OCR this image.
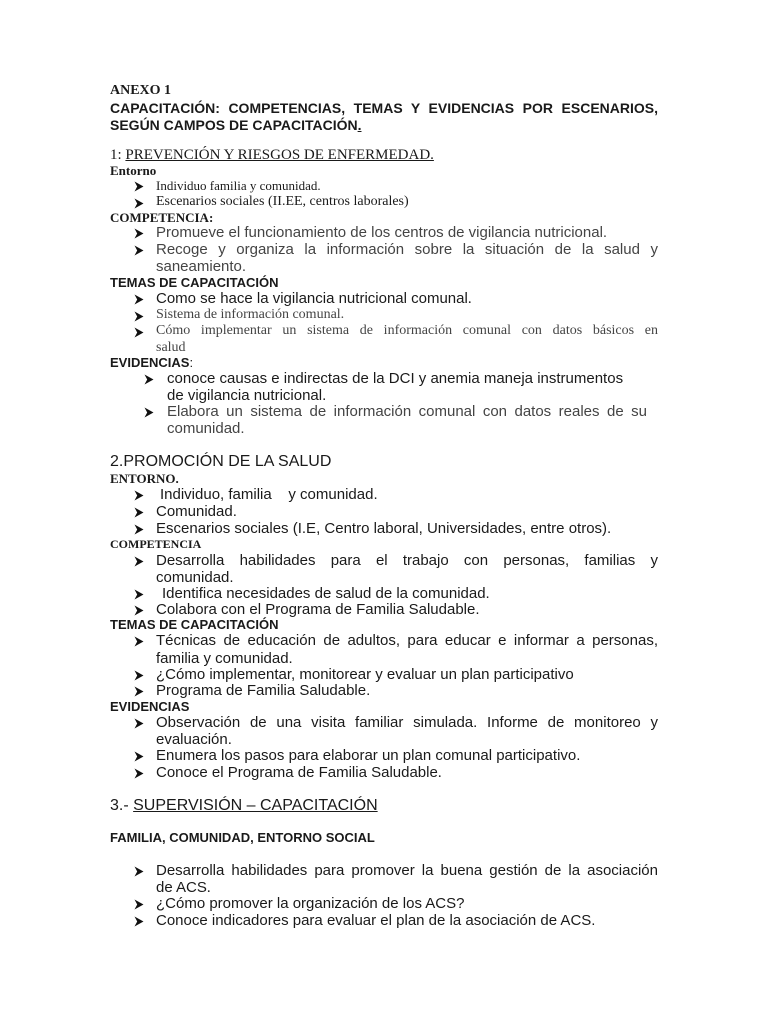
ANEXO 1
CAPACITACIÓN: COMPETENCIAS, TEMAS Y EVIDENCIAS POR ESCENARIOS,
SEGÚN CAMPOS DE CAPACITACIÓN.
1: PREVENCIÓN Y RIESGOS DE ENFERMEDAD.
Entorno
Individuo familia y comunidad.
Escenarios sociales (II.EE, centros laborales)
COMPETENCIA:
Promueve el funcionamiento de los centros de vigilancia nutricional.
Recoge y organiza la información sobre la situación de la salud y
saneamiento.
TEMAS DE CAPACITACIÓN
Como se hace la vigilancia nutricional comunal.
Sistema de información comunal.
Cómo implementar un sistema de información comunal con datos básicos en
salud
EVIDENCIAS:
conoce causas e indirectas de la DCI y anemia maneja instrumentos
de vigilancia nutricional.
Elabora un sistema de información comunal con datos reales de su
comunidad.
2.PROMOCIÓN DE LA SALUD
ENTORNO.
Individuo, familia    y comunidad.
Comunidad.
Escenarios sociales (I.E, Centro laboral, Universidades, entre otros).
COMPETENCIA
Desarrolla habilidades para el trabajo con personas, familias y
comunidad.
Identifica necesidades de salud de la comunidad.
Colabora con el Programa de Familia Saludable.
TEMAS DE CAPACITACIÓN
Técnicas de educación de adultos, para educar e informar a personas,
familia y comunidad.
¿Cómo implementar, monitorear y evaluar un plan participativo
Programa de Familia Saludable.
EVIDENCIAS
Observación de una visita familiar simulada. Informe de monitoreo y
evaluación.
Enumera los pasos para elaborar un plan comunal participativo.
Conoce el Programa de Familia Saludable.
3.- SUPERVISIÓN – CAPACITACIÓN
FAMILIA, COMUNIDAD, ENTORNO SOCIAL
Desarrolla habilidades para promover la buena gestión de la asociación
de ACS.
¿Cómo promover la organización de los ACS?
Conoce indicadores para evaluar el plan de la asociación de ACS.
